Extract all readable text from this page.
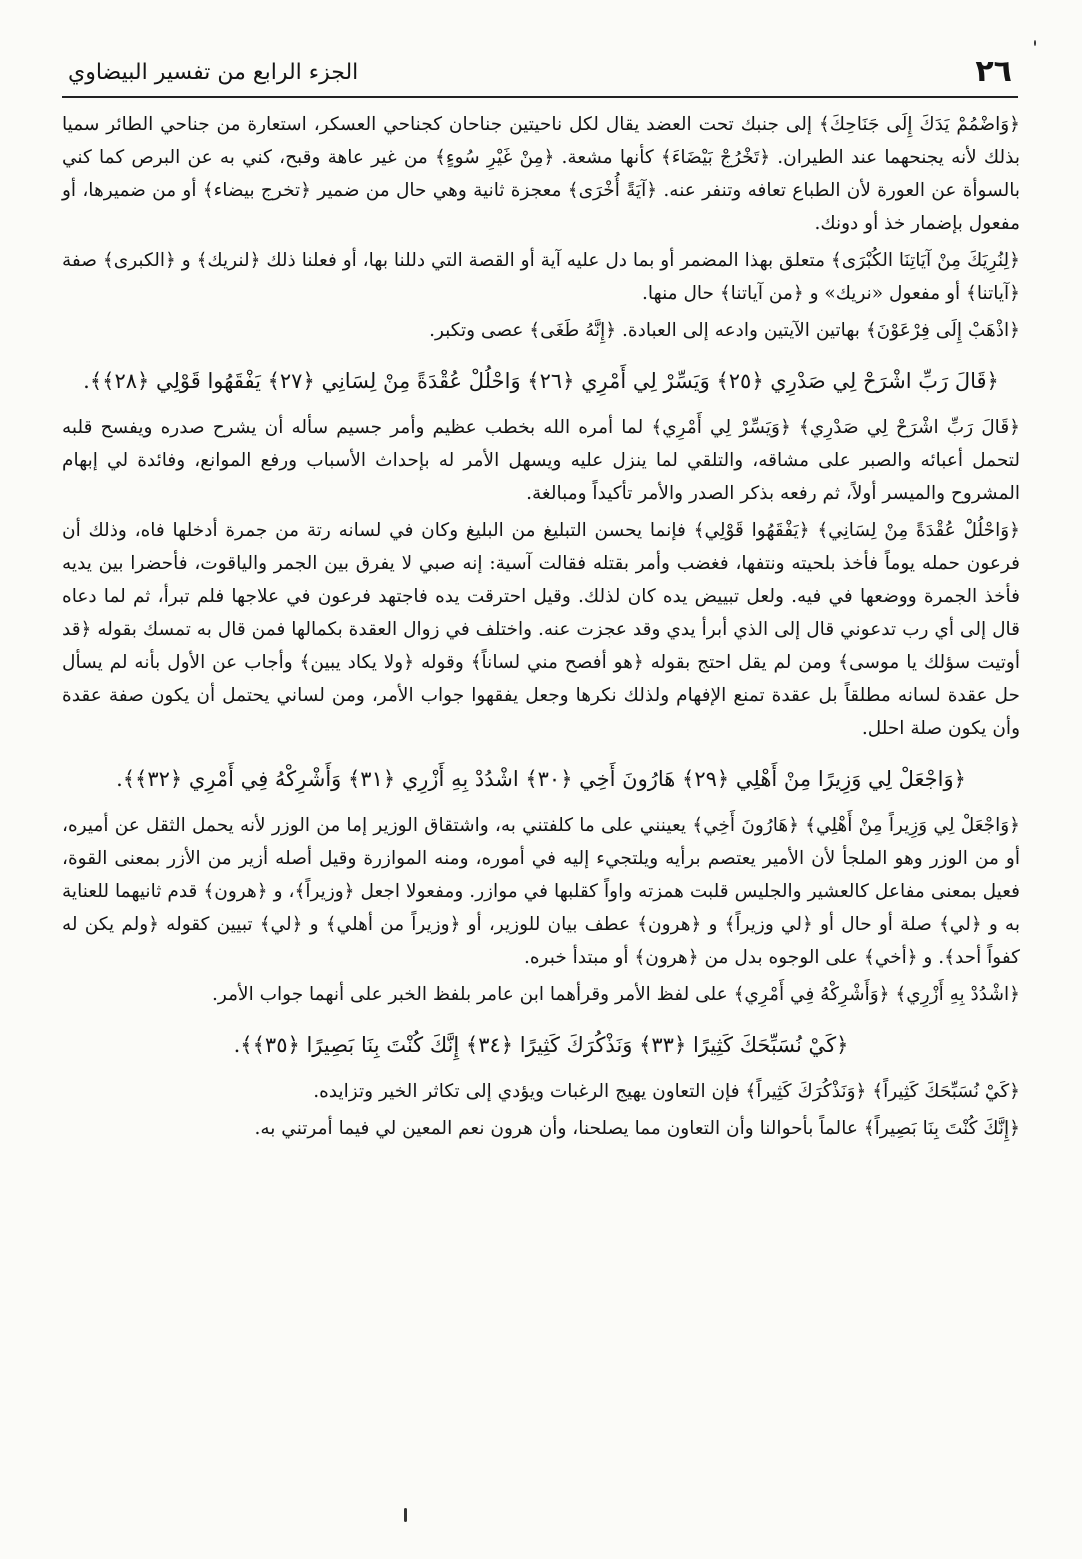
٢٦
الجزء الرابع من تفسير البيضاوي

﴿وَاضْمُمْ يَدَكَ إِلَى جَنَاحِكَ﴾ إلى جنبك تحت العضد يقال لكل ناحيتين جناحان كجناحي العسكر، استعارة من جناحي الطائر سميا بذلك لأنه يجنحهما عند الطيران. ﴿تَخْرُجْ بَيْضَاءَ﴾ كأنها مشعة. ﴿مِنْ غَيْرِ سُوءٍ﴾ من غير عاهة وقبح، كني به عن البرص كما كني بالسوأة عن العورة لأن الطباع تعافه وتنفر عنه. ﴿آيَةً أُخْرَى﴾ معجزة ثانية وهي حال من ضمير ﴿تخرج بيضاء﴾ أو من ضميرها، أو مفعول بإضمار خذ أو دونك.

﴿لِنُرِيَكَ مِنْ آيَاتِنَا الكُبْرَى﴾ متعلق بهذا المضمر أو بما دل عليه آية أو القصة التي دللنا بها، أو فعلنا ذلك ﴿لنريك﴾ و ﴿الكبرى﴾ صفة ﴿آياتنا﴾ أو مفعول «نريك» و ﴿من آياتنا﴾ حال منها.

﴿اذْهَبْ إِلَى فِرْعَوْنَ﴾ بهاتين الآيتين وادعه إلى العبادة. ﴿إِنَّهُ طَغَى﴾ عصى وتكبر.

﴿قَالَ رَبِّ اشْرَحْ لِي صَدْرِي ﴿٢٥﴾ وَيَسِّرْ لِي أَمْرِي ﴿٢٦﴾ وَاحْلُلْ عُقْدَةً مِنْ لِسَانِي ﴿٢٧﴾ يَفْقَهُوا قَوْلِي ﴿٢٨﴾﴾.

﴿قَالَ رَبِّ اشْرَحْ لِي صَدْرِي﴾ ﴿وَيَسِّرْ لِي أَمْرِي﴾ لما أمره الله بخطب عظيم وأمر جسيم سأله أن يشرح صدره ويفسح قلبه لتحمل أعبائه والصبر على مشاقه، والتلقي لما ينزل عليه ويسهل الأمر له بإحداث الأسباب ورفع الموانع، وفائدة لي إبهام المشروح والميسر أولاً، ثم رفعه بذكر الصدر والأمر تأكيداً ومبالغة.

﴿وَاحْلُلْ عُقْدَةً مِنْ لِسَانِي﴾ ﴿يَفْقَهُوا قَوْلِي﴾ فإنما يحسن التبليغ من البليغ وكان في لسانه رتة من جمرة أدخلها فاه، وذلك أن فرعون حمله يوماً فأخذ بلحيته ونتفها، فغضب وأمر بقتله فقالت آسية: إنه صبي لا يفرق بين الجمر والياقوت، فأحضرا بين يديه فأخذ الجمرة ووضعها في فيه. ولعل تبييض يده كان لذلك. وقيل احترقت يده فاجتهد فرعون في علاجها فلم تبرأ، ثم لما دعاه قال إلى أي رب تدعوني قال إلى الذي أبرأ يدي وقد عجزت عنه. واختلف في زوال العقدة بكمالها فمن قال به تمسك بقوله ﴿قد أوتيت سؤلك يا موسى﴾ ومن لم يقل احتج بقوله ﴿هو أفصح مني لساناً﴾ وقوله ﴿ولا يكاد يبين﴾ وأجاب عن الأول بأنه لم يسأل حل عقدة لسانه مطلقاً بل عقدة تمنع الإفهام ولذلك نكرها وجعل يفقهوا جواب الأمر، ومن لساني يحتمل أن يكون صفة عقدة وأن يكون صلة احلل.

﴿وَاجْعَلْ لِي وَزِيرًا مِنْ أَهْلِي ﴿٢٩﴾ هَارُونَ أَخِي ﴿٣٠﴾ اشْدُدْ بِهِ أَزْرِي ﴿٣١﴾ وَأَشْرِكْهُ فِي أَمْرِي ﴿٣٢﴾﴾.

﴿وَاجْعَلْ لِي وَزِيراً مِنْ أَهْلِي﴾ ﴿هَارُونَ أَخِي﴾ يعينني على ما كلفتني به، واشتقاق الوزير إما من الوزر لأنه يحمل الثقل عن أميره، أو من الوزر وهو الملجأ لأن الأمير يعتصم برأيه ويلتجيء إليه في أموره، ومنه الموازرة وقيل أصله أزير من الأزر بمعنى القوة، فعيل بمعنى مفاعل كالعشير والجليس قلبت همزته واواً كقلبها في موازر. ومفعولا اجعل ﴿وزيراً﴾، و ﴿هرون﴾ قدم ثانيهما للعناية به و ﴿لي﴾ صلة أو حال أو ﴿لي وزيراً﴾ و ﴿هرون﴾ عطف بيان للوزير، أو ﴿وزيراً من أهلي﴾ و ﴿لي﴾ تبيين كقوله ﴿ولم يكن له كفواً أحد﴾. و ﴿أخي﴾ على الوجوه بدل من ﴿هرون﴾ أو مبتدأ خبره.

﴿اشْدُدْ بِهِ أَزْرِي﴾ ﴿وَأَشْرِكْهُ فِي أَمْرِي﴾ على لفظ الأمر وقرأهما ابن عامر بلفظ الخبر على أنهما جواب الأمر.

﴿كَيْ نُسَبِّحَكَ كَثِيرًا ﴿٣٣﴾ وَنَذْكُرَكَ كَثِيرًا ﴿٣٤﴾ إِنَّكَ كُنْتَ بِنَا بَصِيرًا ﴿٣٥﴾﴾.

﴿كَيْ نُسَبِّحَكَ كَثِيراً﴾ ﴿وَنَذْكُرَكَ كَثِيراً﴾ فإن التعاون يهيج الرغبات ويؤدي إلى تكاثر الخير وتزايده.

﴿إِنَّكَ كُنْتَ بِنَا بَصِيراً﴾ عالماً بأحوالنا وأن التعاون مما يصلحنا، وأن هرون نعم المعين لي فيما أمرتني به.
